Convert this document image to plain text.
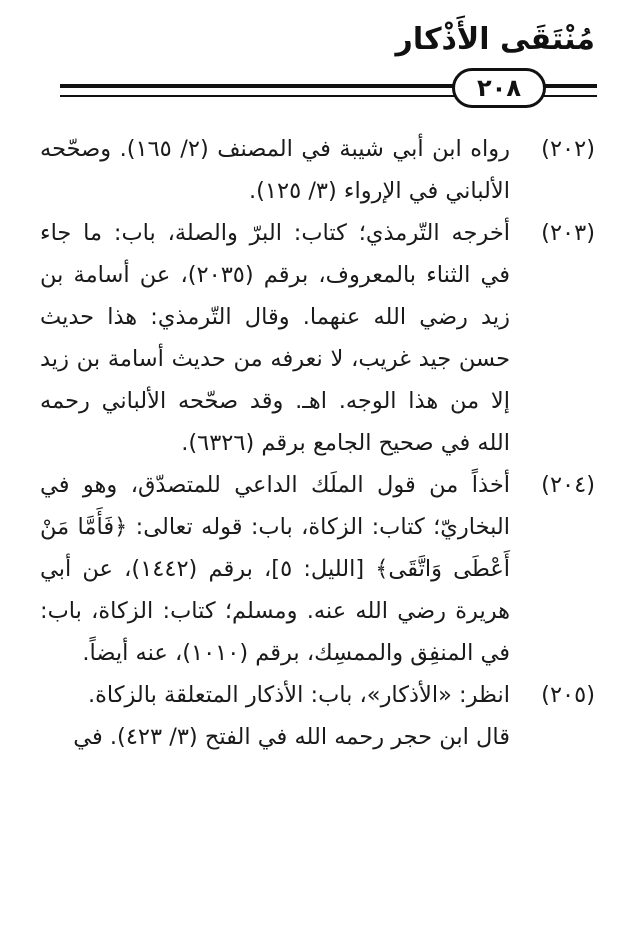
مُنْتَقَى الأَذْكار
٢٠٨

(٢٠٢)
رواه ابن أبي شيبة في المصنف (٢/ ١٦٥). وصحّحه الألباني في الإرواء (٣/ ١٢٥).

(٢٠٣)
أخرجه التّرمذي؛ كتاب: البرّ والصلة، باب: ما جاء في الثناء بالمعروف، برقم (٢٠٣٥)، عن أسامة بن زيد رضي الله عنهما. وقال التّرمذي: هذا حديث حسن جيد غريب، لا نعرفه من حديث أسامة بن زيد إلا من هذا الوجه. اهـ. وقد صحّحه الألباني رحمه الله في صحيح الجامع برقم (٦٣٢٦).

(٢٠٤)
أخذاً من قول الملَك الداعي للمتصدّق، وهو في البخاريّ؛ كتاب: الزكاة، باب: قوله تعالى: ﴿فَأَمَّا مَنْ أَعْطَى وَاتَّقَى﴾ [الليل: ٥]، برقم (١٤٤٢)، عن أبي هريرة رضي الله عنه. ومسلم؛ كتاب: الزكاة، باب: في المنفِق والممسِك، برقم (١٠١٠)، عنه أيضاً.

(٢٠٥)
انظر: «الأذكار»، باب: الأذكار المتعلقة بالزكاة.

قال ابن حجر رحمه الله في الفتح (٣/ ٤٢٣). في
